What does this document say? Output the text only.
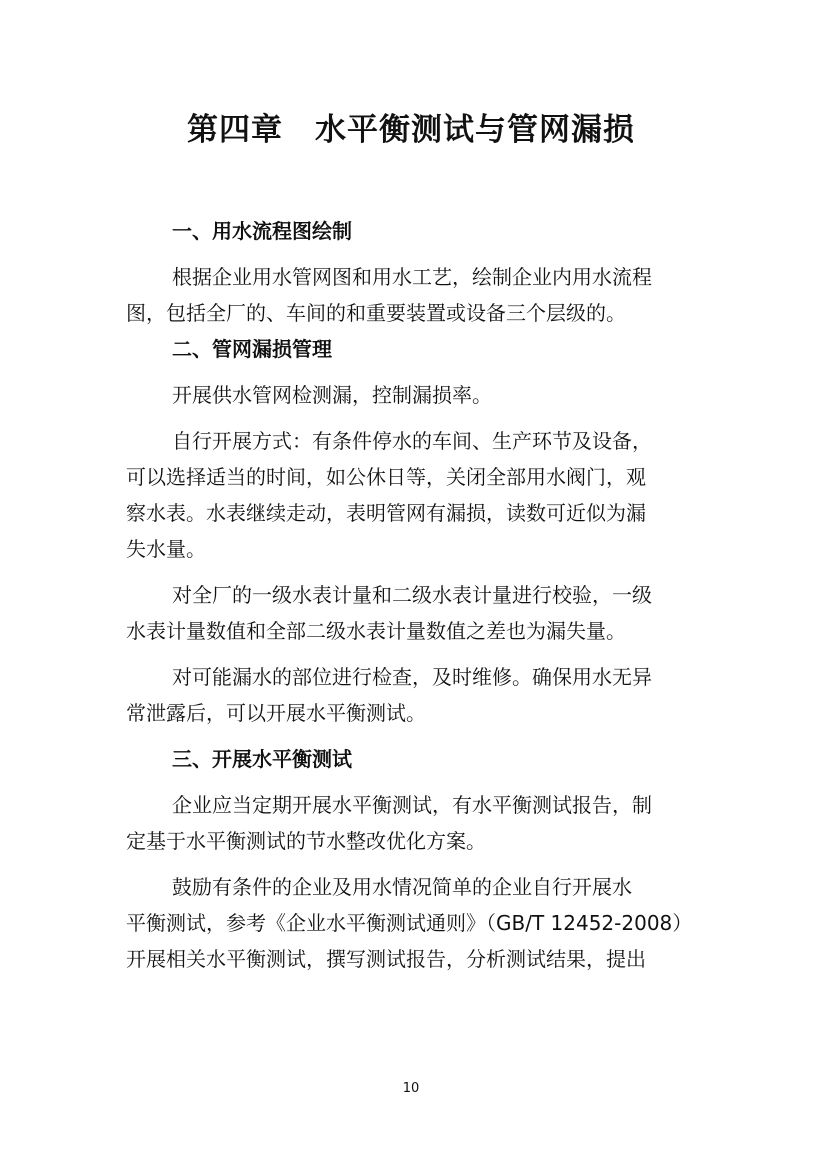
第四章　水平衡测试与管网漏损
一、用水流程图绘制
根据企业用水管网图和用水工艺，绘制企业内用水流程
图，包括全厂的、车间的和重要装置或设备三个层级的。
二、管网漏损管理
开展供水管网检测漏，控制漏损率。
自行开展方式：有条件停水的车间、生产环节及设备，
可以选择适当的时间，如公休日等，关闭全部用水阀门，观
察水表。水表继续走动，表明管网有漏损，读数可近似为漏
失水量。
对全厂的一级水表计量和二级水表计量进行校验，一级
水表计量数值和全部二级水表计量数值之差也为漏失量。
对可能漏水的部位进行检查，及时维修。确保用水无异
常泄露后，可以开展水平衡测试。
三、开展水平衡测试
企业应当定期开展水平衡测试，有水平衡测试报告，制
定基于水平衡测试的节水整改优化方案。
鼓励有条件的企业及用水情况简单的企业自行开展水
平衡测试，参考《企业水平衡测试通则》（GB/T 12452-2008）
开展相关水平衡测试，撰写测试报告，分析测试结果，提出
10
